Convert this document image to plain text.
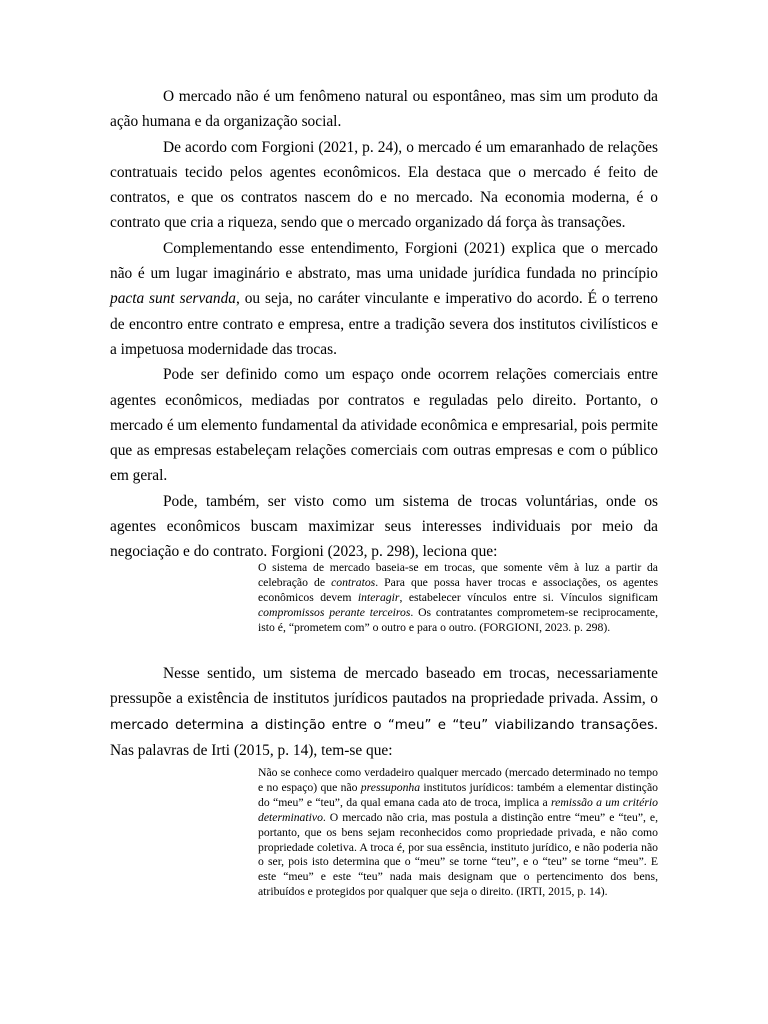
O mercado não é um fenômeno natural ou espontâneo, mas sim um produto da ação humana e da organização social.

De acordo com Forgioni (2021, p. 24), o mercado é um emaranhado de relações contratuais tecido pelos agentes econômicos. Ela destaca que o mercado é feito de contratos, e que os contratos nascem do e no mercado. Na economia moderna, é o contrato que cria a riqueza, sendo que o mercado organizado dá força às transações.

Complementando esse entendimento, Forgioni (2021) explica que o mercado não é um lugar imaginário e abstrato, mas uma unidade jurídica fundada no princípio pacta sunt servanda, ou seja, no caráter vinculante e imperativo do acordo. É o terreno de encontro entre contrato e empresa, entre a tradição severa dos institutos civilísticos e a impetuosa modernidade das trocas.

Pode ser definido como um espaço onde ocorrem relações comerciais entre agentes econômicos, mediadas por contratos e reguladas pelo direito. Portanto, o mercado é um elemento fundamental da atividade econômica e empresarial, pois permite que as empresas estabeleçam relações comerciais com outras empresas e com o público em geral.

Pode, também, ser visto como um sistema de trocas voluntárias, onde os agentes econômicos buscam maximizar seus interesses individuais por meio da negociação e do contrato. Forgioni (2023, p. 298), leciona que:

O sistema de mercado baseia-se em trocas, que somente vêm à luz a partir da celebração de contratos. Para que possa haver trocas e associações, os agentes econômicos devem interagir, estabelecer vínculos entre si. Vínculos significam compromissos perante terceiros. Os contratantes comprometem-se reciprocamente, isto é, “prometem com” o outro e para o outro. (FORGIONI, 2023. p. 298).

Nesse sentido, um sistema de mercado baseado em trocas, necessariamente pressupõe a existência de institutos jurídicos pautados na propriedade privada. Assim, o mercado determina a distinção entre o “meu” e “teu” viabilizando transações. Nas palavras de Irti (2015, p. 14), tem-se que:

Não se conhece como verdadeiro qualquer mercado (mercado determinado no tempo e no espaço) que não pressuponha institutos jurídicos: também a elementar distinção do “meu” e “teu”, da qual emana cada ato de troca, implica a remissão a um critério determinativo. O mercado não cria, mas postula a distinção entre “meu” e “teu”, e, portanto, que os bens sejam reconhecidos como propriedade privada, e não como propriedade coletiva. A troca é, por sua essência, instituto jurídico, e não poderia não o ser, pois isto determina que o “meu” se torne “teu”, e o “teu” se torne “meu”. E este “meu” e este “teu” nada mais designam que o pertencimento dos bens, atribuídos e protegidos por qualquer que seja o direito. (IRTI, 2015, p. 14).
